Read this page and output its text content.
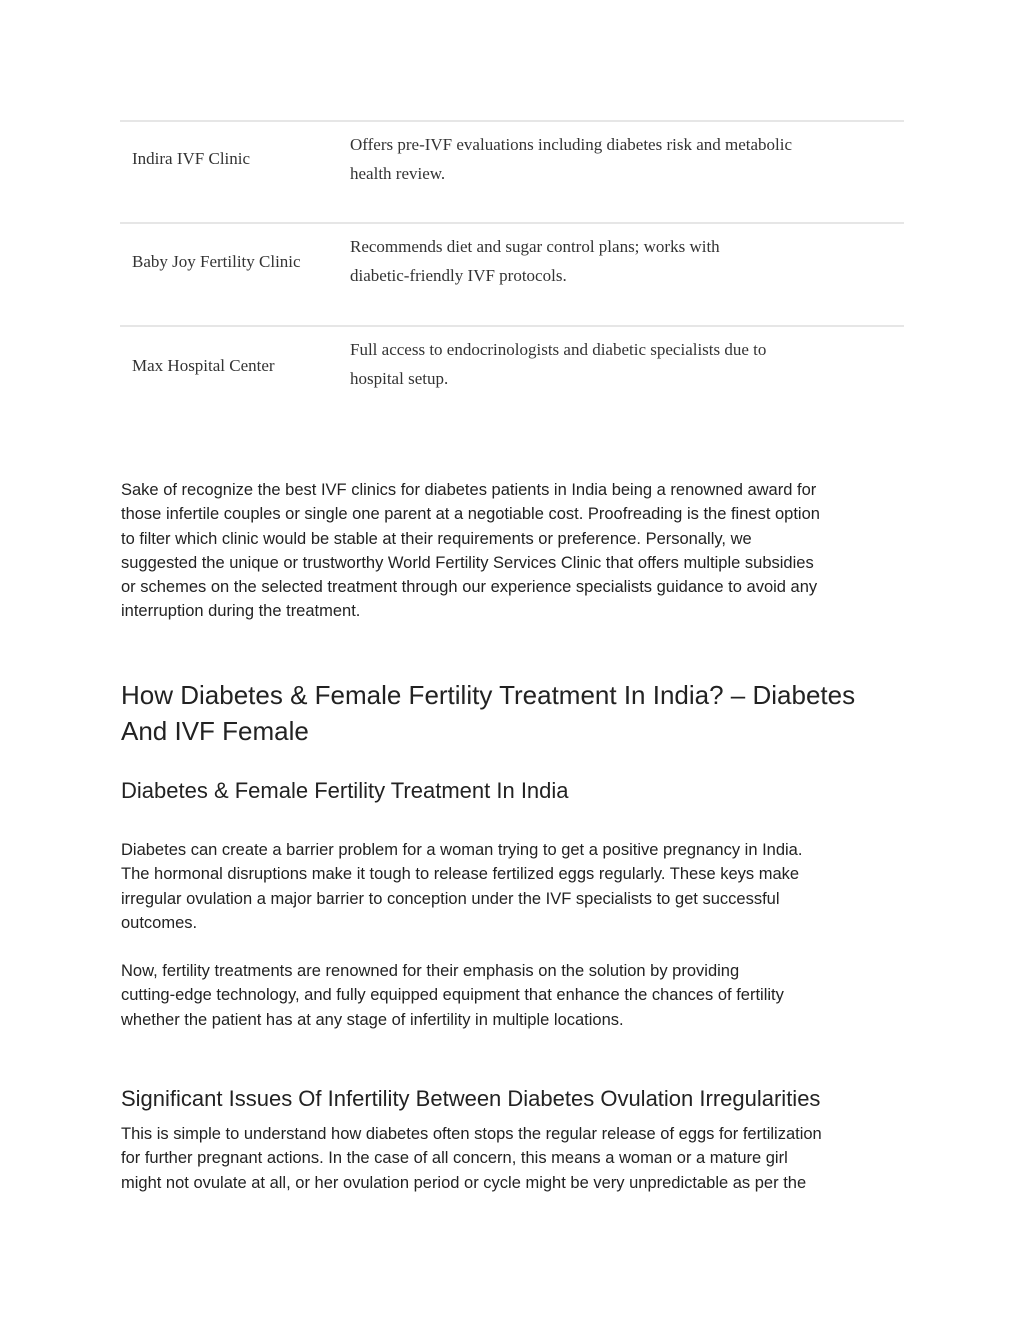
Indira IVF Clinic
Offers pre-IVF evaluations including diabetes risk and metabolic
health review.
Baby Joy Fertility Clinic
Recommends diet and sugar control plans; works with
diabetic-friendly IVF protocols.
Max Hospital Center
Full access to endocrinologists and diabetic specialists due to
hospital setup.
Sake of recognize the best IVF clinics for diabetes patients in India being a renowned award for
those infertile couples or single one parent at a negotiable cost. Proofreading is the finest option
to filter which clinic would be stable at their requirements or preference. Personally, we
suggested the unique or trustworthy World Fertility Services Clinic that offers multiple subsidies
or schemes on the selected treatment through our experience specialists guidance to avoid any
interruption during the treatment.
How Diabetes & Female Fertility Treatment In India? – Diabetes
And IVF Female
Diabetes & Female Fertility Treatment In India
Diabetes can create a barrier problem for a woman trying to get a positive pregnancy in India.
The hormonal disruptions make it tough to release fertilized eggs regularly. These keys make
irregular ovulation a major barrier to conception under the IVF specialists to get successful
outcomes.
Now, fertility treatments are renowned for their emphasis on the solution by providing
cutting-edge technology, and fully equipped equipment that enhance the chances of fertility
whether the patient has at any stage of infertility in multiple locations.
Significant Issues Of Infertility Between Diabetes Ovulation Irregularities
This is simple to understand how diabetes often stops the regular release of eggs for fertilization
for further pregnant actions. In the case of all concern, this means a woman or a mature girl
might not ovulate at all, or her ovulation period or cycle might be very unpredictable as per the
